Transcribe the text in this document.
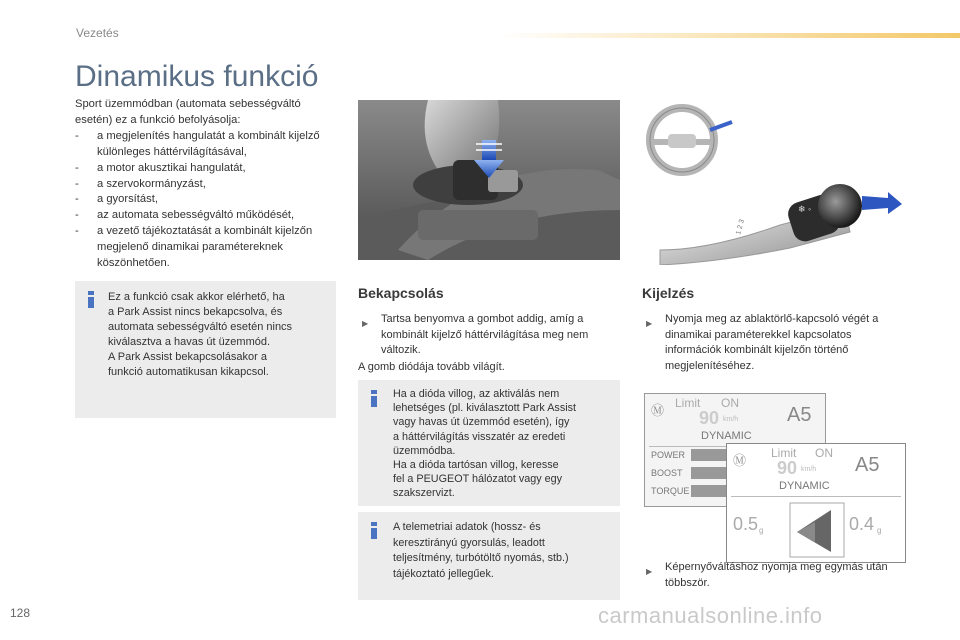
Vezetés
Dinamikus funkció
Sport üzemmódban (automata sebességváltó esetén) ez a funkció befolyásolja:
- a megjelenítés hangulatát a kombinált kijelző különleges háttérvilágításával,
- a motor akusztikai hangulatát,
- a szervokormányzást,
- a gyorsítást,
- az automata sebességváltó működését,
- a vezető tájékoztatását a kombinált kijelzőn megjelenő dinamikai paramétereknek köszönhetően.
Ez a funkció csak akkor elérhető, ha
a Park Assist nincs bekapcsolva, és
automata sebességváltó esetén nincs
kiválasztva a havas út üzemmód.
A Park Assist bekapcsolásakor a
funkció automatikusan kikapcsol.
Bekapcsolás
▶ Tartsa benyomva a gombot addig, amíg a kombinált kijelző háttérvilágítása meg nem változik.
A gomb diódája tovább világít.
Ha a dióda villog, az aktiválás nem
lehetséges (pl. kiválasztott Park Assist
vagy havas út üzemmód esetén), így
a háttérvilágítás visszatér az eredeti
üzemmódba.
Ha a dióda tartósan villog, keresse
fel a PEUGEOT hálózatot vagy egy
szakszervizt.
A telemetriai adatok (hossz- és
keresztirányú gyorsulás, leadott
teljesítmény, turbótöltő nyomás, stb.)
tájékoztató jellegűek.
❄ ◦
1 2 3
Kijelzés
▶ Nyomja meg az ablaktörlő-kapcsoló végét a dinamikai paraméterekkel kapcsolatos információk kombinált kijelzőn történő megjelenítéséhez.
Ⓜ Limit ON
90 km/h A5
DYNAMIC
POWER
BOOST
TORQUE
Ⓜ Limit ON
90 km/h A5
DYNAMIC
0.5 g	0.4 g
▶ Képernyőváltáshoz nyomja meg egymás után többször.
128	carmanualsonline.info
